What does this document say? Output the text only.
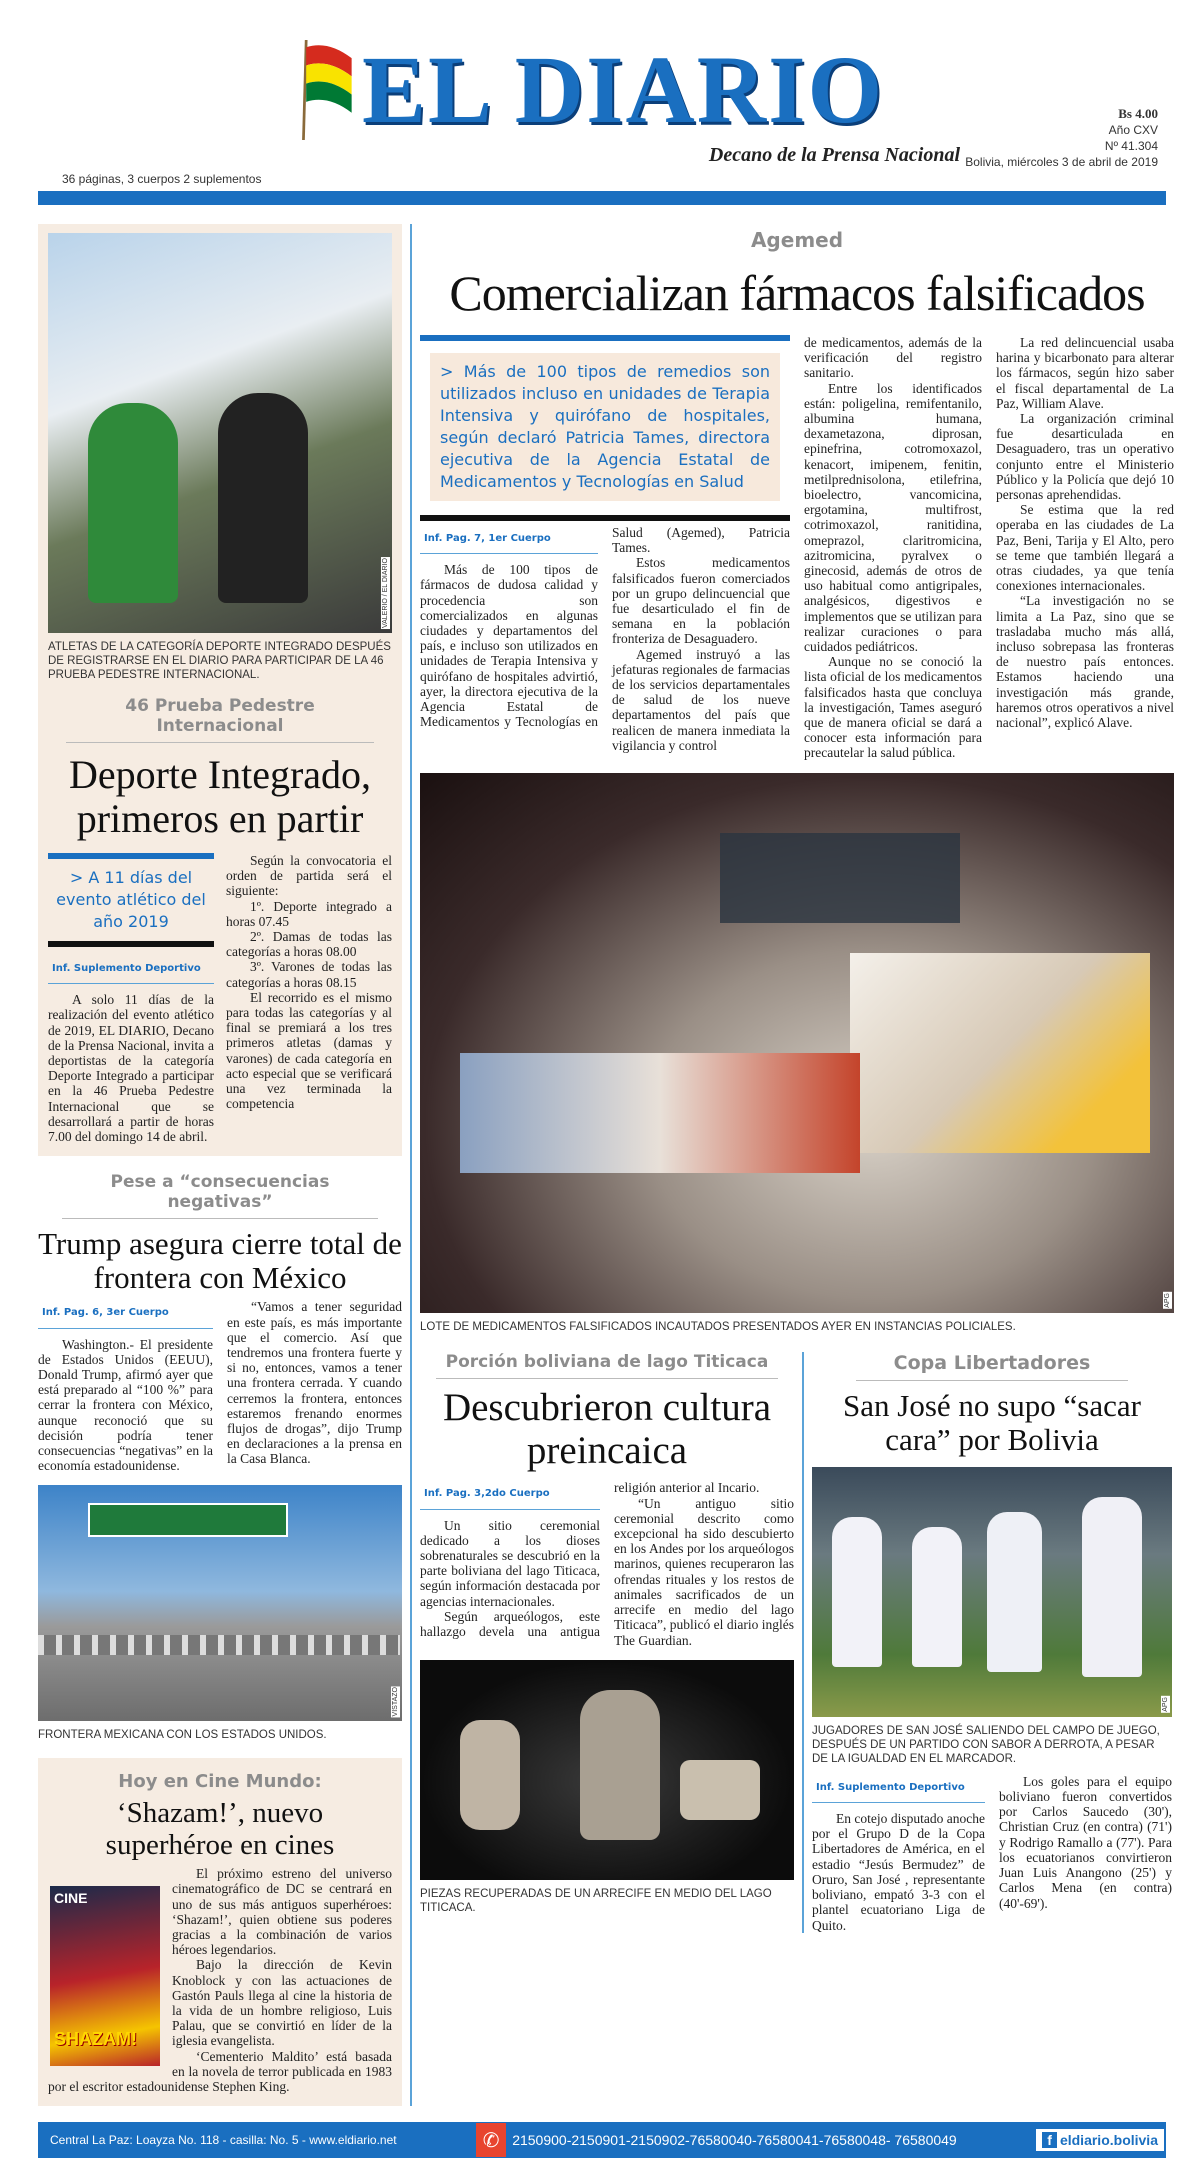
EL DIARIO
Decano de la Prensa Nacional
36 páginas, 3 cuerpos 2 suplementos
Bs 4.00
Año CXV
Nº 41.304
Bolivia, miércoles 3 de abril de 2019
VALERIO / EL DIARIO
ATLETAS DE LA CATEGORÍA DEPORTE INTEGRADO DESPUÉS DE REGISTRARSE EN EL DIARIO PARA PARTICIPAR DE LA 46 PRUEBA PEDESTRE INTERNACIONAL.
46 Prueba Pedestre Internacional
Deporte Integrado, primeros en partir
> A 11 días del evento atlético del año 2019
Inf. Suplemento Deportivo

A solo 11 días de la realización del evento atlético de 2019, EL DIARIO, Decano de la Prensa Nacional, invita a deportistas de la categoría Deporte Integrado a participar en la 46 Prueba Pedestre Internacional que se desarrollará a partir de horas 7.00 del domingo 14 de abril.

Según la convocatoria el orden de partida será el siguiente:

1º. Deporte integrado a horas 07.45

2º. Damas de todas las categorías a horas 08.00

3º. Varones de todas las categorías a horas 08.15

El recorrido es el mismo para todas las categorías y al final se premiará a los tres primeros atletas (damas y varones) de cada categoría en acto especial que se verificará una vez terminada la competencia

Pese a “consecuencias negativas”
Trump asegura cierre total de frontera con México
Inf. Pag. 6, 3er Cuerpo

Washington.- El presidente de Estados Unidos (EEUU), Donald Trump, afirmó ayer que está preparado al “100 %” para cerrar la frontera con México, aunque reconoció que su decisión podría tener consecuencias “negativas” en la economía estadounidense.

“Vamos a tener seguridad en este país, es más importante que el comercio. Así que tendremos una frontera fuerte y si no, entonces, vamos a tener una frontera cerrada. Y cuando cerremos la frontera, entonces estaremos frenando enormes flujos de drogas”, dijo Trump en declaraciones a la prensa en la Casa Blanca.

VISTAZO
FRONTERA MEXICANA CON LOS ESTADOS UNIDOS.
Hoy en Cine Mundo:
‘Shazam!’, nuevo superhéroe en cines
CINE
SHAZAM!

El próximo estreno del universo cinematográfico de DC se centrará en uno de sus más antiguos superhéroes: ‘Shazam!’, quien obtiene sus poderes gracias a la combinación de varios héroes legendarios.

Bajo la dirección de Kevin Knoblock y con las actuaciones de Gastón Pauls llega al cine la historia de la vida de un hombre religioso, Luis Palau, que se convirtió en líder de la iglesia evangelista.

‘Cementerio Maldito’ está basada en la novela de terror publicada en 1983 por el escritor estadounidense Stephen King.

Agemed
Comercializan fármacos falsificados
> Más de 100 tipos de remedios son utilizados incluso en unidades de Terapia Intensiva y quirófano de hospitales, según declaró Patricia Tames, directora ejecutiva de la Agencia Estatal de Medicamentos y Tecnologías en Salud
Inf. Pag. 7, 1er Cuerpo

Más de 100 tipos de fármacos de dudosa calidad y procedencia son comercializados en algunas ciudades y departamentos del país, e incluso son utilizados en unidades de Terapia Intensiva y quirófano de hospitales advirtió, ayer, la directora ejecutiva de la Agencia Estatal de Medicamentos y Tecnologías en Salud (Agemed), Patricia Tames.

Estos medicamentos falsificados fueron comerciados por un grupo delincuencial que fue desarticulado el fin de semana en la población fronteriza de Desaguadero.

Agemed instruyó a las jefaturas regionales de farmacias de los servicios departamentales de salud de los nueve departamentos del país que realicen de manera inmediata la vigilancia y control

de medicamentos, además de la verificación del registro sanitario.

Entre los identificados están: poligelina, remifentanilo, albumina humana, dexametazona, diprosan, epinefrina, cotromoxazol, kenacort, imipenem, fenitin, metilprednisolona, etilefrina, bioelectro, vancomicina, ergotamina, multifrost, cotrimoxazol, ranitidina, omeprazol, claritromicina, azitromicina, pyralvex o ginecosid, además de otros de uso habitual como antigripales, analgésicos, digestivos e implementos que se utilizan para realizar curaciones o para cuidados pediátricos.

Aunque no se conoció la lista oficial de los medicamentos falsificados hasta que concluya la investigación, Tames aseguró que de manera oficial se dará a conocer esta información para precautelar la salud pública.

La red delincuencial usaba harina y bicarbonato para alterar los fármacos, según hizo saber el fiscal departamental de La Paz, William Alave.

La organización criminal fue desarticulada en Desaguadero, tras un operativo conjunto entre el Ministerio Público y la Policía que dejó 10 personas aprehendidas.

Se estima que la red operaba en las ciudades de La Paz, Beni, Tarija y El Alto, pero se teme que también llegará a otras ciudades, ya que tenía conexiones internacionales.

“La investigación no se limita a La Paz, sino que se trasladaba mucho más allá, incluso sobrepasa las fronteras de nuestro país entonces. Estamos haciendo una investigación más grande, haremos otros operativos a nivel nacional”, explicó Alave.

APG
LOTE DE MEDICAMENTOS FALSIFICADOS INCAUTADOS PRESENTADOS AYER EN INSTANCIAS POLICIALES.
Porción boliviana de lago Titicaca
Descubrieron cultura preincaica
Inf. Pag. 3,2do Cuerpo

Un sitio ceremonial dedicado a los dioses sobrenaturales se descubrió en la parte boliviana del lago Titicaca, según información destacada por agencias internacionales.

Según arqueólogos, este hallazgo devela una antigua religión anterior al Incario.

“Un antiguo sitio ceremonial descrito como excepcional ha sido descubierto en los Andes por los arqueólogos marinos, quienes recuperaron las ofrendas rituales y los restos de animales sacrificados de un arrecife en medio del lago Titicaca”, publicó el diario inglés The Guardian.

PIEZAS RECUPERADAS DE UN ARRECIFE EN MEDIO DEL LAGO TITICACA.
Copa Libertadores
San José no supo “sacar cara” por Bolivia
APG
JUGADORES DE SAN JOSÉ SALIENDO DEL CAMPO DE JUEGO, DESPUÉS DE UN PARTIDO CON SABOR A DERROTA, A PESAR DE LA IGUALDAD EN EL MARCADOR.
Inf. Suplemento Deportivo

En cotejo disputado anoche por el Grupo D de la Copa Libertadores de América, en el estadio “Jesús Bermudez” de Oruro, San José , representante boliviano, empató 3-3 con el plantel ecuatoriano Liga de Quito.

Los goles para el equipo boliviano fueron convertidos por Carlos Saucedo (30'), Christian Cruz (en contra) (71') y Rodrigo Ramallo a (77'). Para los ecuatorianos convirtieron Juan Luis Anangono (25') y Carlos Mena (en contra) (40'-69').

Central La Paz: Loayza No. 118 - casilla: No. 5 - www.eldiario.net	✆ 2150900-2150901-2150902-76580040-76580041-76580048- 76580049	f eldiario.bolivia
